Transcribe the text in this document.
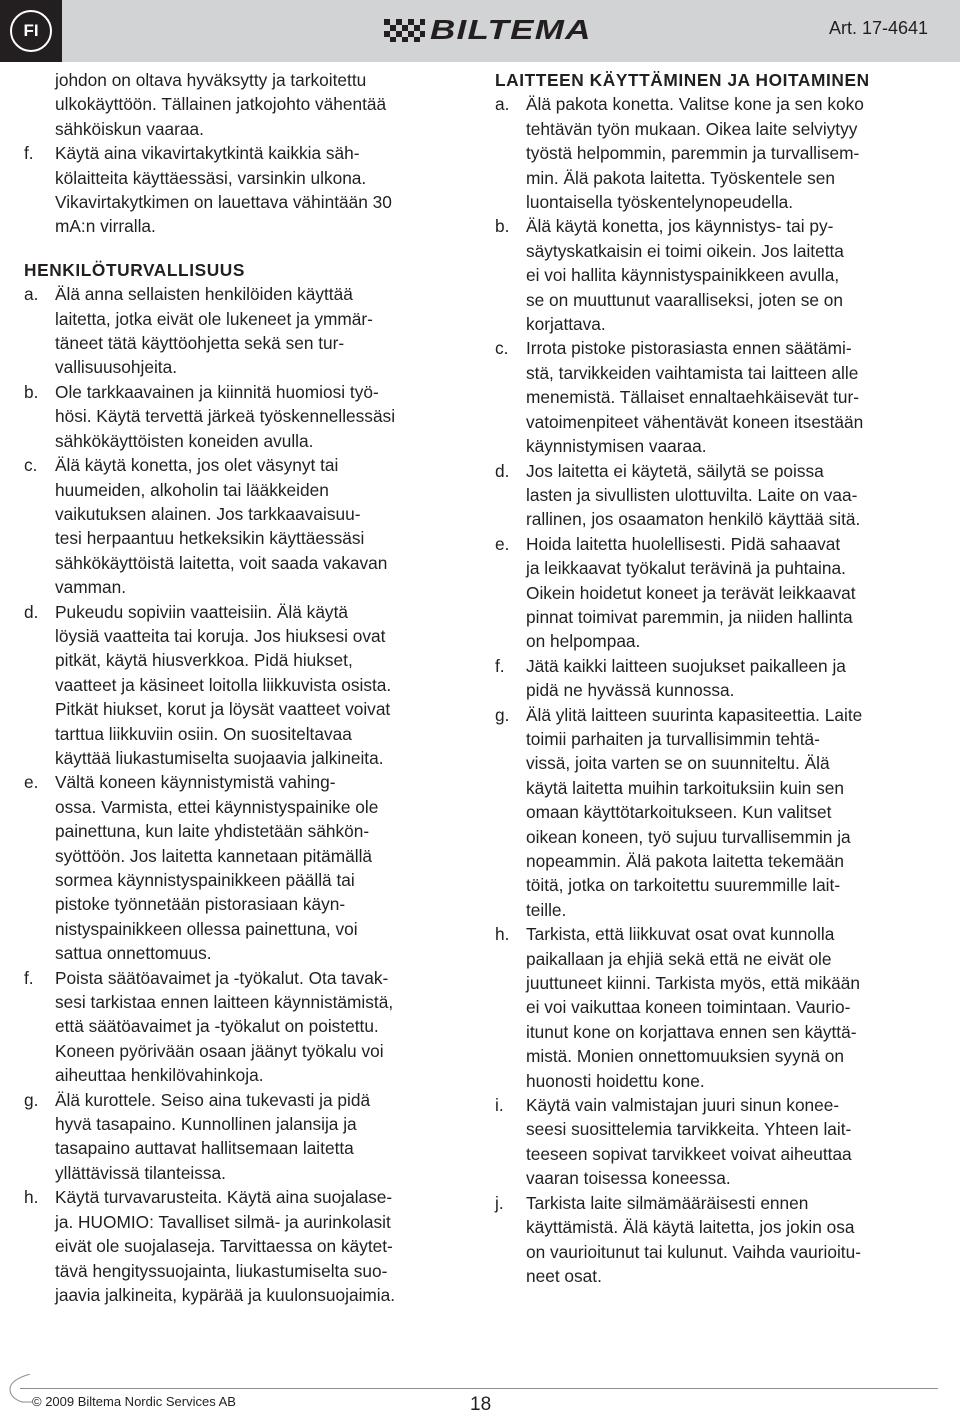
FI	BILTEMA	Art. 17-4641
johdon on oltava hyväksytty ja tarkoitettu
ulkokäyttöön. Tällainen jatkojohto vähentää
sähköiskun vaaraa.
f. Käytä aina vikavirtakytkintä kaikkia säh-
kölaitteita käyttäessäsi, varsinkin ulkona.
Vikavirtakytkimen on lauettava vähintään 30
mA:n virralla.
HENKILÖTURVALLISUUS
a. Älä anna sellaisten henkilöiden käyttää
laitetta, jotka eivät ole lukeneet ja ymmär-
täneet tätä käyttöohjetta sekä sen tur-
vallisuusohjeita.
b. Ole tarkkaavainen ja kiinnitä huomiosi työ-
hösi. Käytä tervettä järkeä työskennellessäsi
sähkökäyttöisten koneiden avulla.
c. Älä käytä konetta, jos olet väsynyt tai
huumeiden, alkoholin tai lääkkeiden
vaikutuksen alainen. Jos tarkkaavaisuu-
tesi herpaantuu hetkeksikin käyttäessäsi
sähkökäyttöistä laitetta, voit saada vakavan
vamman.
d. Pukeudu sopiviin vaatteisiin. Älä käytä
löysiä vaatteita tai koruja. Jos hiuksesi ovat
pitkät, käytä hiusverkkoa. Pidä hiukset,
vaatteet ja käsineet loitolla liikkuvista osista.
Pitkät hiukset, korut ja löysät vaatteet voivat
tarttua liikkuviin osiin. On suositeltavaa
käyttää liukastumiselta suojaavia jalkineita.
e. Vältä koneen käynnistymistä vahing-
ossa. Varmista, ettei käynnistyspainike ole
painettuna, kun laite yhdistetään sähkön-
syöttöön. Jos laitetta kannetaan pitämällä
sormea käynnistyspainikkeen päällä tai
pistoke työnnetään pistorasiaan käyn-
nistyspainikkeen ollessa painettuna, voi
sattua onnettomuus.
f. Poista säätöavaimet ja -työkalut. Ota tavak-
sesi tarkistaa ennen laitteen käynnistämistä,
että säätöavaimet ja -työkalut on poistettu.
Koneen pyörivään osaan jäänyt työkalu voi
aiheuttaa henkilövahinkoja.
g. Älä kurottele. Seiso aina tukevasti ja pidä
hyvä tasapaino. Kunnollinen jalansija ja
tasapaino auttavat hallitsemaan laitetta
yllättävissä tilanteissa.
h. Käytä turvavarusteita. Käytä aina suojalase-
ja. HUOMIO: Tavalliset silmä- ja aurinkolasit
eivät ole suojalaseja. Tarvittaessa on käytet-
tävä hengityssuojainta, liukastumiselta suo-
jaavia jalkineita, kypärää ja kuulonsuojaimia.
LAITTEEN KÄYTTÄMINEN JA HOITAMINEN
a. Älä pakota konetta. Valitse kone ja sen koko
tehtävän työn mukaan. Oikea laite selviytyy
työstä helpommin, paremmin ja turvallisem-
min. Älä pakota laitetta. Työskentele sen
luontaisella työskentelynopeudella.
b. Älä käytä konetta, jos käynnistys- tai py-
säytyskatkaisin ei toimi oikein. Jos laitetta
ei voi hallita käynnistyspainikkeen avulla,
se on muuttunut vaaralliseksi, joten se on
korjattava.
c. Irrota pistoke pistorasiasta ennen säätämi-
stä, tarvikkeiden vaihtamista tai laitteen alle
menemistä. Tällaiset ennaltaehkäisevät tur-
vatoimenpiteet vähentävät koneen itsestään
käynnistymisen vaaraa.
d. Jos laitetta ei käytetä, säilytä se poissa
lasten ja sivullisten ulottuvilta. Laite on vaa-
rallinen, jos osaamaton henkilö käyttää sitä.
e. Hoida laitetta huolellisesti. Pidä sahaavat
ja leikkaavat työkalut terävinä ja puhtaina.
Oikein hoidetut koneet ja terävät leikkaavat
pinnat toimivat paremmin, ja niiden hallinta
on helpompaa.
f. Jätä kaikki laitteen suojukset paikalleen ja
pidä ne hyvässä kunnossa.
g. Älä ylitä laitteen suurinta kapasiteettia. Laite
toimii parhaiten ja turvallisimmin tehtä-
vissä, joita varten se on suunniteltu. Älä
käytä laitetta muihin tarkoituksiin kuin sen
omaan käyttötarkoitukseen. Kun valitset
oikean koneen, työ sujuu turvallisemmin ja
nopeammin. Älä pakota laitetta tekemään
töitä, jotka on tarkoitettu suuremmille lait-
teille.
h. Tarkista, että liikkuvat osat ovat kunnolla
paikallaan ja ehjiä sekä että ne eivät ole
juuttuneet kiinni. Tarkista myös, että mikään
ei voi vaikuttaa koneen toimintaan. Vaurio-
itunut kone on korjattava ennen sen käyttä-
mistä. Monien onnettomuuksien syynä on
huonosti hoidettu kone.
i. Käytä vain valmistajan juuri sinun konee-
seesi suosittelemia tarvikkeita. Yhteen lait-
teeseen sopivat tarvikkeet voivat aiheuttaa
vaaran toisessa koneessa.
j. Tarkista laite silmämääräisesti ennen
käyttämistä. Älä käytä laitetta, jos jokin osa
on vaurioitunut tai kulunut. Vaihda vaurioitu-
neet osat.
© 2009 Biltema Nordic Services AB	18
